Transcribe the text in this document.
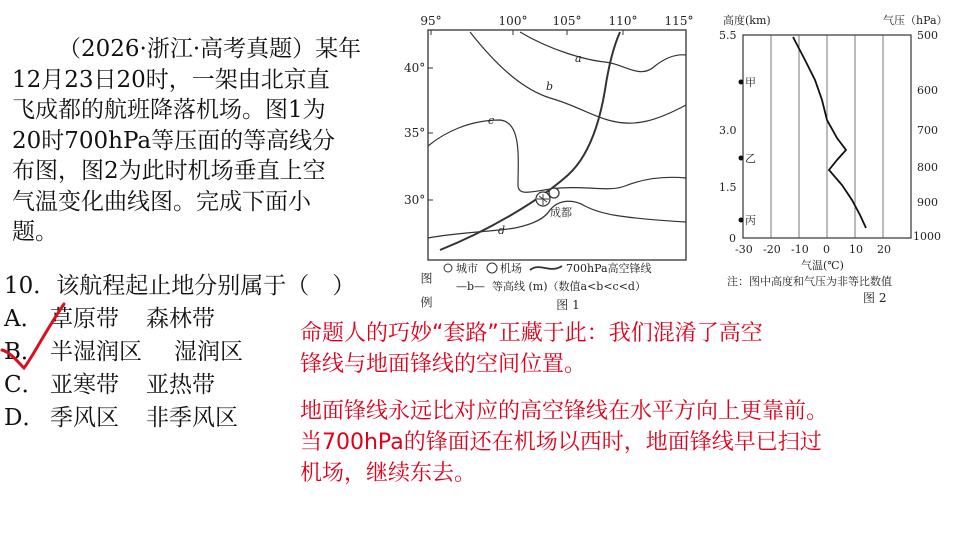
（2026·浙江·高考真题）某年

12月23日20时，一架由北京直

飞成都的航班降落机场。图1为

20时700hPa等压面的等高线分

布图，图2为此时机场垂直上空

气温变化曲线图。完成下面小

题。

10．该航程起止地分别属于（　）
A． 草原带 森林带
B． 半湿润区 湿润区
C． 亚寒带 亚热带
D． 季风区 非季风区

命题人的巧妙“套路”正藏于此：我们混淆了高空

锋线与地面锋线的空间位置。

地面锋线永远比对应的高空锋线在水平方向上更靠前。

当700hPa的锋面还在机场以西时，地面锋线早已扫过

机场，继续东去。

95°	100° 105° 110° 115°
40°
35°
30°
a
b
c
d
成都
图　例
城市 机场	700hPa高空锋线
—b— 等高线 (m)（数值a<b<c<d）
图 1
高度(km)	气压（hPa）
5.5
3.0
1.5
0
500
600
700
800
900
1000
甲
乙
丙
-30 -20 -10 0 10 20
气温(℃)
注：图中高度和气压为非等比数值
图 2
